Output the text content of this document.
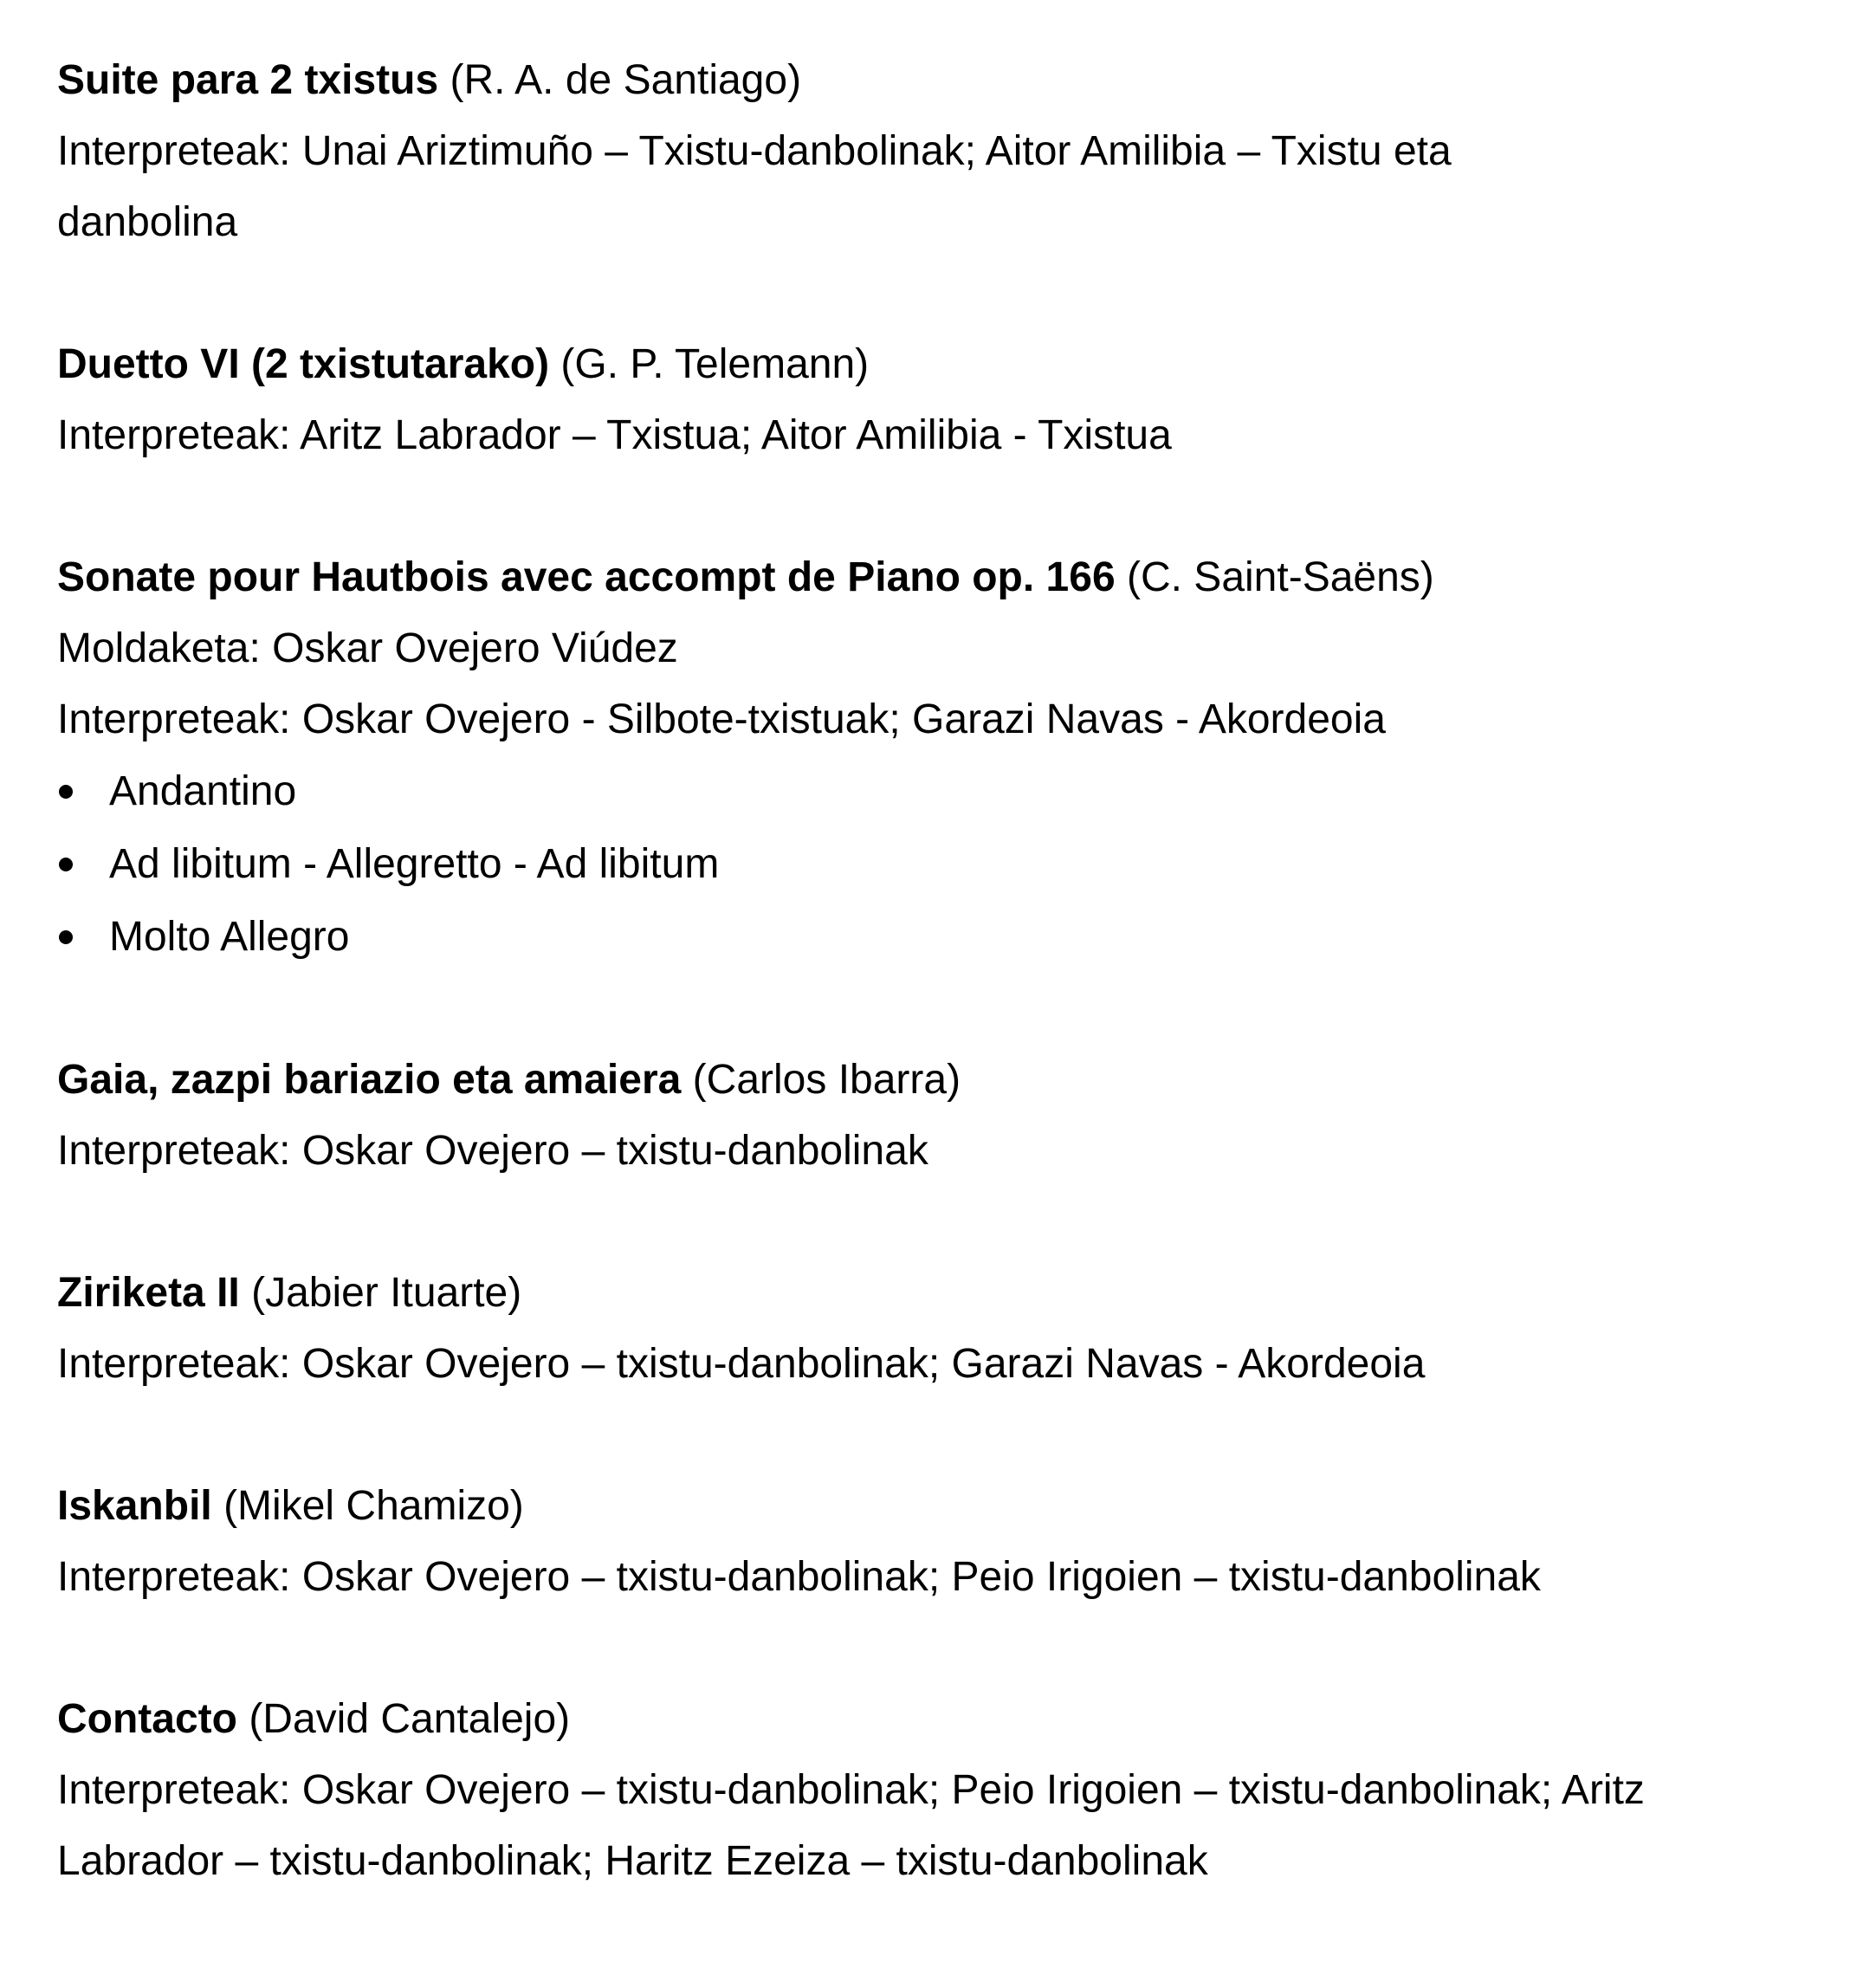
Suite para 2 txistus (R. A. de Santiago)
Interpreteak: Unai Ariztimuño – Txistu-danbolinak; Aitor Amilibia – Txistu eta
danbolina
Duetto VI (2 txistutarako) (G. P. Telemann)
Interpreteak: Aritz Labrador – Txistua; Aitor Amilibia - Txistua
Sonate pour Hautbois avec accompt de Piano op. 166 (C. Saint-Saëns)
Moldaketa: Oskar Ovejero Viúdez
Interpreteak: Oskar Ovejero - Silbote-txistuak; Garazi Navas - Akordeoia
Andantino
Ad libitum - Allegretto - Ad libitum
Molto Allegro
Gaia, zazpi bariazio eta amaiera (Carlos Ibarra)
Interpreteak: Oskar Ovejero – txistu-danbolinak
Ziriketa II (Jabier Ituarte)
Interpreteak: Oskar Ovejero – txistu-danbolinak; Garazi Navas - Akordeoia
Iskanbil (Mikel Chamizo)
Interpreteak: Oskar Ovejero – txistu-danbolinak; Peio Irigoien – txistu-danbolinak
Contacto (David Cantalejo)
Interpreteak: Oskar Ovejero – txistu-danbolinak; Peio Irigoien – txistu-danbolinak; Aritz
Labrador – txistu-danbolinak; Haritz Ezeiza – txistu-danbolinak
